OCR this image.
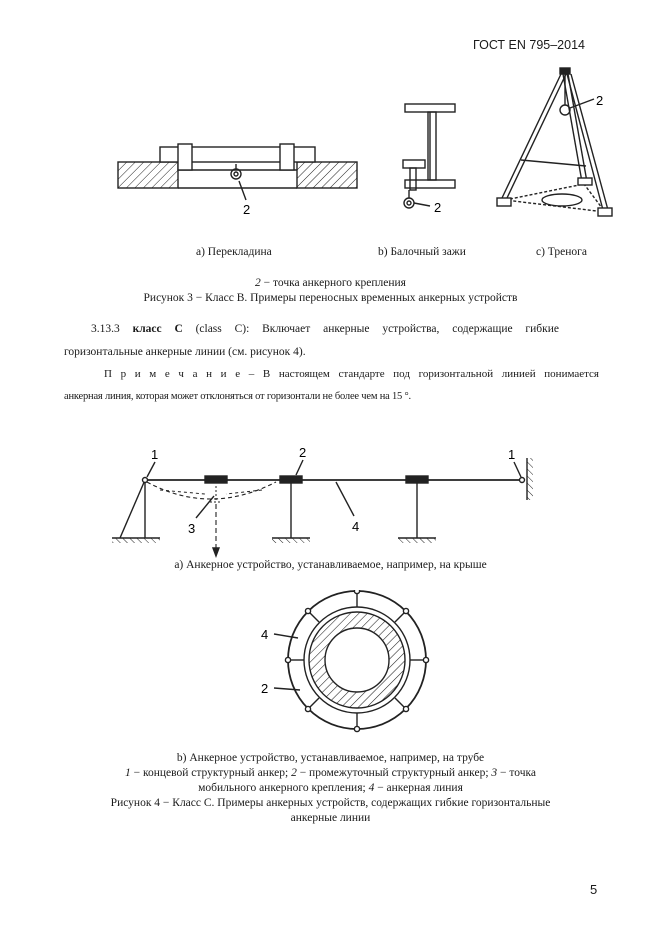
ГОСТ EN 795–2014
2	2
2
а) Перекладина	b) Балочный зажи	c) Тренога
2 − точка анкерного крепления
Рисунок 3 − Класс B. Примеры переносных временных анкерных устройств
3.13.3 класс C (class C): Включает анкерные устройства, содержащие гибкие
горизонтальные анкерные линии (см. рисунок 4).
П р и м е ч а н и е – В настоящем стандарте под горизонтальной линией понимается
анкерная линия, которая может отклоняться от горизонтали не более чем на 15 °.
1	2
3	4
1
а) Анкерное устройство, устанавливаемое, например, на крыше
4
2
b) Анкерное устройство, устанавливаемое, например, на трубе
1 − концевой структурный анкер; 2 − промежуточный структурный анкер; 3 − точка
мобильного анкерного крепления; 4 − анкерная линия
Рисунок 4 − Класс C. Примеры анкерных устройств, содержащих гибкие горизонтальные
анкерные линии
5
